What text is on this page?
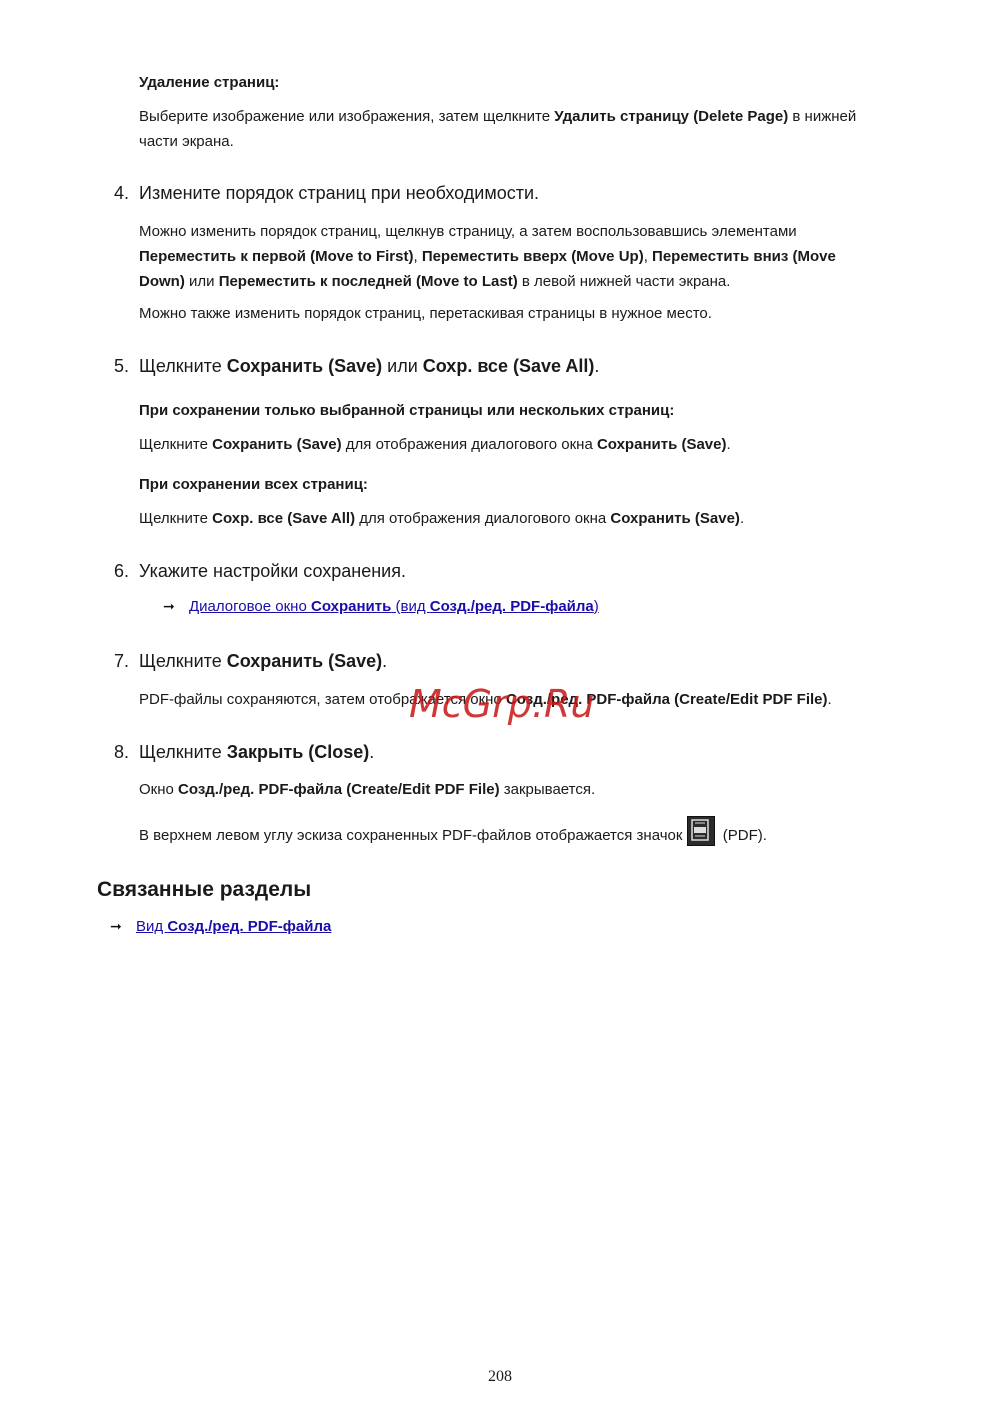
Удаление страниц:
Выберите изображение или изображения, затем щелкните Удалить страницу (Delete Page) в нижней части экрана.
4. Измените порядок страниц при необходимости.
Можно изменить порядок страниц, щелкнув страницу, а затем воспользовавшись элементами Переместить к первой (Move to First), Переместить вверх (Move Up), Переместить вниз (Move Down) или Переместить к последней (Move to Last) в левой нижней части экрана.
Можно также изменить порядок страниц, перетаскивая страницы в нужное место.
5. Щелкните Сохранить (Save) или Сохр. все (Save All).
При сохранении только выбранной страницы или нескольких страниц:
Щелкните Сохранить (Save) для отображения диалогового окна Сохранить (Save).
При сохранении всех страниц:
Щелкните Сохр. все (Save All) для отображения диалогового окна Сохранить (Save).
6. Укажите настройки сохранения.
➞ Диалоговое окно Сохранить (вид Созд./ред. PDF-файла)
7. Щелкните Сохранить (Save).
PDF-файлы сохраняются, затем отображается окно Созд./ред. PDF-файла (Create/Edit PDF File).
McGrp.Ru
8. Щелкните Закрыть (Close).
Окно Созд./ред. PDF-файла (Create/Edit PDF File) закрывается.
В верхнем левом углу эскиза сохраненных PDF-файлов отображается значок
(PDF).
Связанные разделы
➞ Вид Созд./ред. PDF-файла
208
